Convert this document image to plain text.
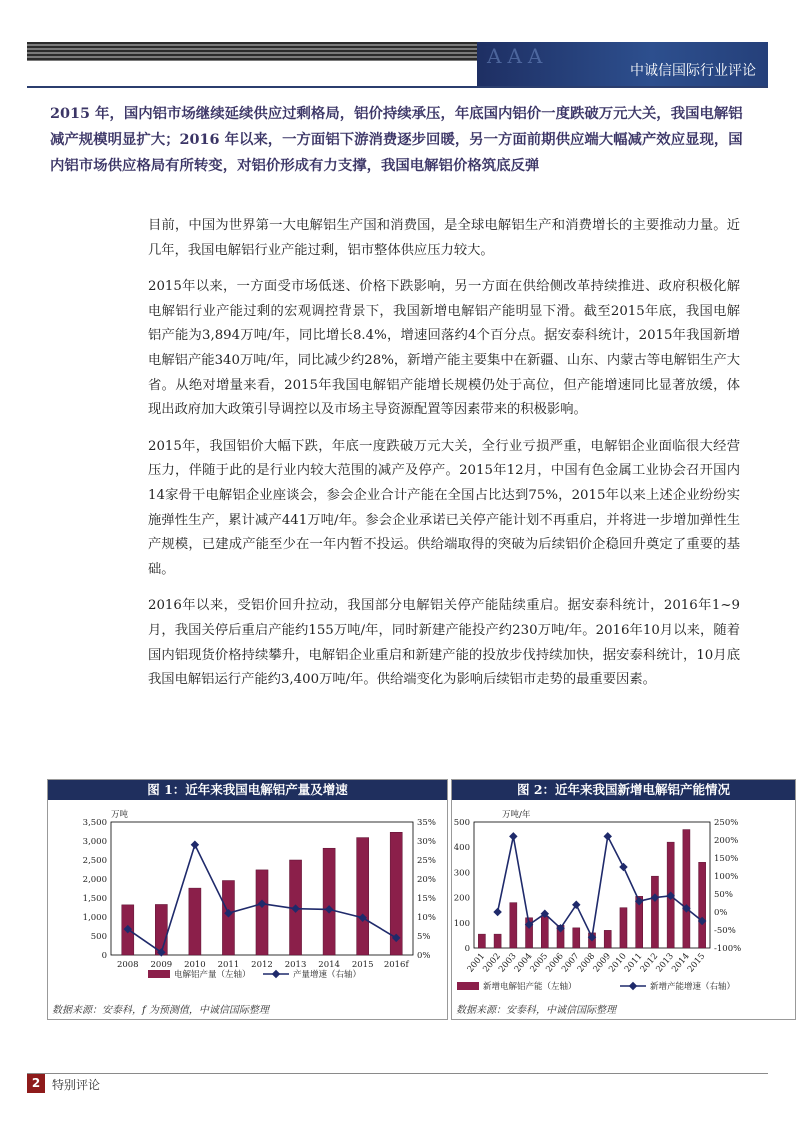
AAA
中诚信国际行业评论
2015 年，国内铝市场继续延续供应过剩格局，铝价持续承压，年底国内铝价一度跌破万元大关，我国电解铝减产规模明显扩大；2016 年以来，一方面铝下游消费逐步回暖，另一方面前期供应端大幅减产效应显现，国内铝市场供应格局有所转变，对铝价形成有力支撑，我国电解铝价格筑底反弹

目前，中国为世界第一大电解铝生产国和消费国，是全球电解铝生产和消费增长的主要推动力量。近几年，我国电解铝行业产能过剩，铝市整体供应压力较大。

2015年以来，一方面受市场低迷、价格下跌影响，另一方面在供给侧改革持续推进、政府积极化解电解铝行业产能过剩的宏观调控背景下，我国新增电解铝产能明显下滑。截至2015年底，我国电解铝产能为3,894万吨/年，同比增长8.4%，增速回落约4个百分点。据安泰科统计，2015年我国新增电解铝产能340万吨/年，同比减少约28%，新增产能主要集中在新疆、山东、内蒙古等电解铝生产大省。从绝对增量来看，2015年我国电解铝产能增长规模仍处于高位，但产能增速同比显著放缓，体现出政府加大政策引导调控以及市场主导资源配置等因素带来的积极影响。

2015年，我国铝价大幅下跌，年底一度跌破万元大关，全行业亏损严重，电解铝企业面临很大经营压力，伴随于此的是行业内较大范围的减产及停产。2015年12月，中国有色金属工业协会召开国内14家骨干电解铝企业座谈会，参会企业合计产能在全国占比达到75%，2015年以来上述企业纷纷实施弹性生产，累计减产441万吨/年。参会企业承诺已关停产能计划不再重启，并将进一步增加弹性生产规模，已建成产能至少在一年内暂不投运。供给端取得的突破为后续铝价企稳回升奠定了重要的基础。

2016年以来，受铝价回升拉动，我国部分电解铝关停产能陆续重启。据安泰科统计，2016年1~9月，我国关停后重启产能约155万吨/年，同时新建产能投产约230万吨/年。2016年10月以来，随着国内铝现货价格持续攀升，电解铝企业重启和新建产能的投放步伐持续加快，据安泰科统计，10月底我国电解铝运行产能约3,400万吨/年。供给端变化为影响后续铝市走势的最重要因素。

图 1：近年来我国电解铝产量及增速
0
500
1,000
1,500
2,000
2,500
3,000
3,500
0%
5%
10%
15%
20%
25%
30%
35%
万吨
2008 2009 2010 2011 2012 2013 2014 2015 2016f
电解铝产量（左轴）	产量增速（右轴）
数据来源：安泰科，f 为预测值，中诚信国际整理
图 2：近年来我国新增电解铝产能情况
0
100
200
300
400
500
-100%
-50%
0%
50%
100%
150%
200%
250%
万吨/年
2001
2002
2003
2004
2005
2006
2007
2008
2009
2010
2011
2012
2013
2014
2015
新增电解铝产能（左轴）	新增产能增速（右轴）
数据来源：安泰科，中诚信国际整理
2 特别评论
